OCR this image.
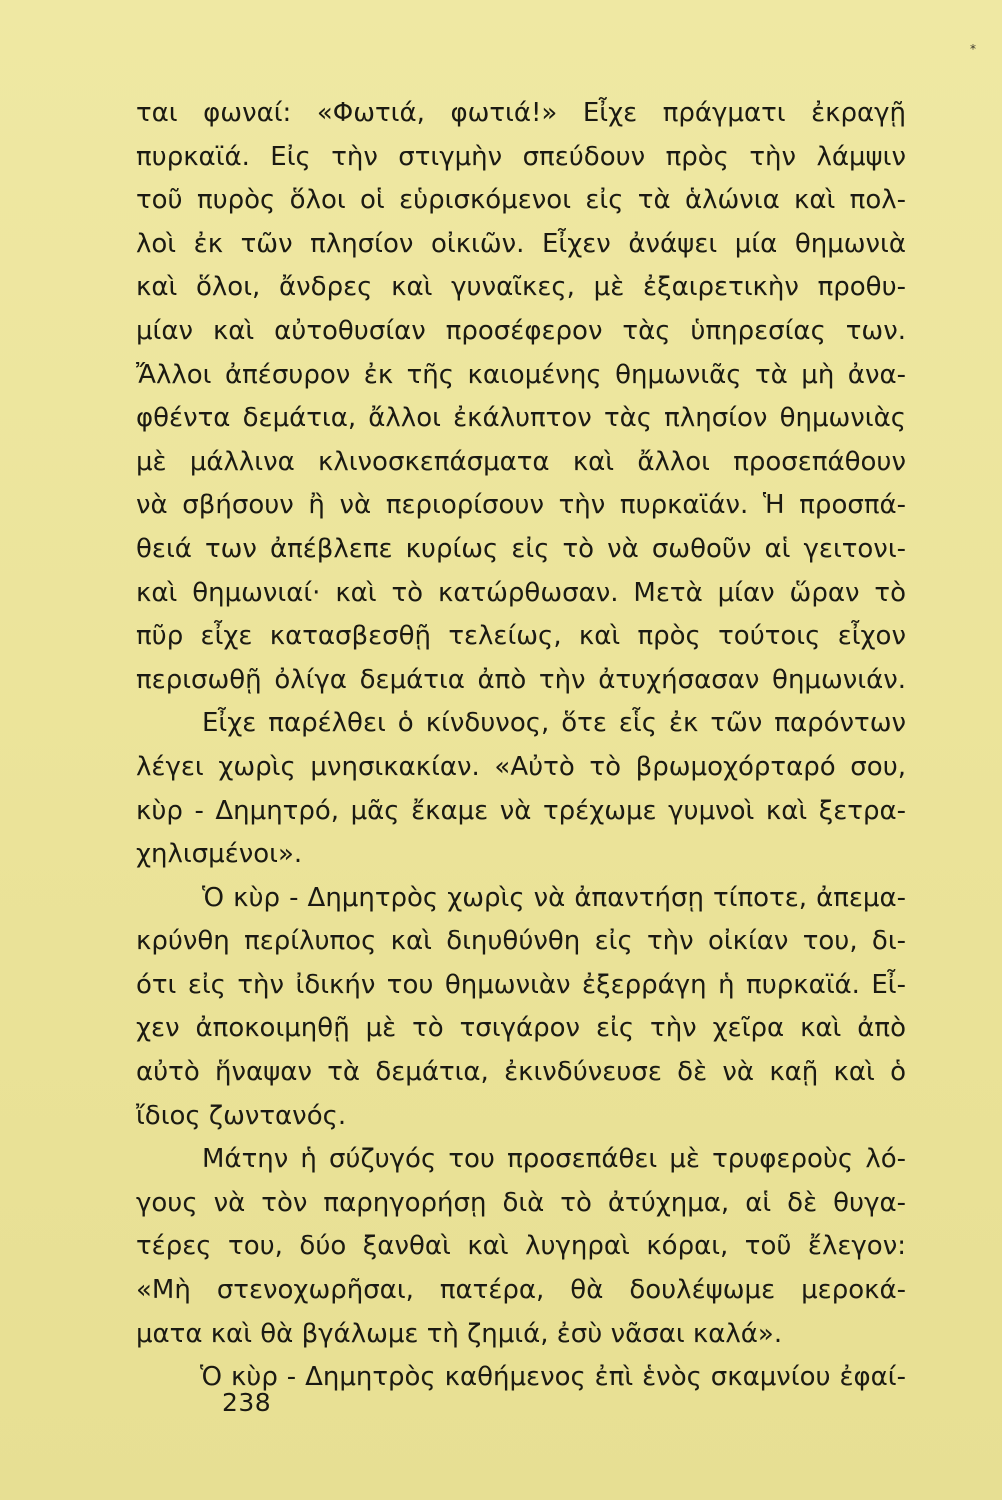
*
ται φωναί: «Φωτιά, φωτιά!» Εἶχε πράγματι ἐκραγῇ
πυρκαϊά. Εἰς τὴν στιγμὴν σπεύδουν πρὸς τὴν λάμψιν
τοῦ πυρὸς ὅλοι οἱ εὑρισκόμενοι εἰς τὰ ἁλώνια καὶ πολ-
λοὶ ἐκ τῶν πλησίον οἰκιῶν. Εἶχεν ἀνάψει μία θημωνιὰ
καὶ ὅλοι, ἄνδρες καὶ γυναῖκες, μὲ ἐξαιρετικὴν προθυ-
μίαν καὶ αὐτοθυσίαν προσέφερον τὰς ὑπηρεσίας των.
Ἄλλοι ἀπέσυρον ἐκ τῆς καιομένης θημωνιᾶς τὰ μὴ ἀνα-
φθέντα δεμάτια, ἄλλοι ἐκάλυπτον τὰς πλησίον θημωνιὰς
μὲ μάλλινα κλινοσκεπάσματα καὶ ἄλλοι προσεπάθουν
νὰ σβήσουν ἢ νὰ περιορίσουν τὴν πυρκαϊάν. Ἡ προσπά-
θειά των ἀπέβλεπε κυρίως εἰς τὸ νὰ σωθοῦν αἱ γειτονι-
καὶ θημωνιαί· καὶ τὸ κατώρθωσαν. Μετὰ μίαν ὥραν τὸ
πῦρ εἶχε κατασβεσθῇ τελείως, καὶ πρὸς τούτοις εἶχον
περισωθῇ ὀλίγα δεμάτια ἀπὸ τὴν ἀτυχήσασαν θημωνιάν.
Εἶχε παρέλθει ὁ κίνδυνος, ὅτε εἷς ἐκ τῶν παρόντων
λέγει χωρὶς μνησικακίαν. «Αὐτὸ τὸ βρωμοχόρταρό σου,
κὺρ - Δημητρό, μᾶς ἔκαμε νὰ τρέχωμε γυμνοὶ καὶ ξετρα-
χηλισμένοι».
Ὁ κὺρ - Δημητρὸς χωρὶς νὰ ἀπαντήσῃ τίποτε, ἀπεμα-
κρύνθη περίλυπος καὶ διηυθύνθη εἰς τὴν οἰκίαν του, δι-
ότι εἰς τὴν ἰδικήν του θημωνιὰν ἐξερράγη ἡ πυρκαϊά. Εἶ-
χεν ἀποκοιμηθῇ μὲ τὸ τσιγάρον εἰς τὴν χεῖρα καὶ ἀπὸ
αὐτὸ ἥναψαν τὰ δεμάτια, ἐκινδύνευσε δὲ νὰ καῇ καὶ ὁ
ἴδιος ζωντανός.
Μάτην ἡ σύζυγός του προσεπάθει μὲ τρυφεροὺς λό-
γους νὰ τὸν παρηγορήσῃ διὰ τὸ ἀτύχημα, αἱ δὲ θυγα-
τέρες του, δύο ξανθαὶ καὶ λυγηραὶ κόραι, τοῦ ἔλεγον:
«Μὴ στενοχωρῆσαι, πατέρα, θὰ δουλέψωμε μεροκά-
ματα καὶ θὰ βγάλωμε τὴ ζημιά, ἐσὺ νᾶσαι καλά».
Ὁ κὺρ - Δημητρὸς καθήμενος ἐπὶ ἑνὸς σκαμνίου ἐφαί-
238
